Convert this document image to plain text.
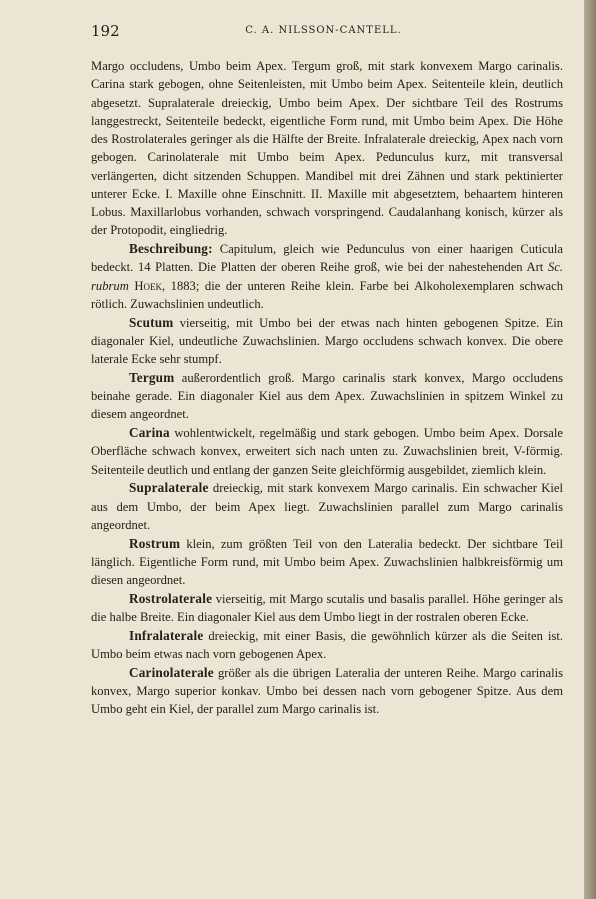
192	C. A. NILSSON-CANTELL.

Margo occludens, Umbo beim Apex. Tergum groß, mit stark konvexem Margo carinalis. Carina stark gebogen, ohne Seitenleisten, mit Umbo beim Apex. Seitenteile klein, deutlich abgesetzt. Supralaterale dreieckig, Umbo beim Apex. Der sichtbare Teil des Rostrums langgestreckt, Seitenteile bedeckt, eigentliche Form rund, mit Umbo beim Apex. Die Höhe des Rostrolaterales geringer als die Hälfte der Breite. Infralaterale dreieckig, Apex nach vorn gebogen. Carinolaterale mit Umbo beim Apex. Pedunculus kurz, mit transversal verlängerten, dicht sitzenden Schuppen. Mandibel mit drei Zähnen und stark pektinierter unterer Ecke. I. Maxille ohne Einschnitt. II. Maxille mit abgesetztem, behaartem hinteren Lobus. Maxillarlobus vorhanden, schwach vorspringend. Caudalanhang konisch, kürzer als der Protopodit, eingliedrig.

Beschreibung: Capitulum, gleich wie Pedunculus von einer haarigen Cuticula bedeckt. 14 Platten. Die Platten der oberen Reihe groß, wie bei der nahestehenden Art Sc. rubrum Hoek, 1883; die der unteren Reihe klein. Farbe bei Alkoholexemplaren schwach rötlich. Zuwachslinien undeutlich.

Scutum vierseitig, mit Umbo bei der etwas nach hinten gebogenen Spitze. Ein diagonaler Kiel, undeutliche Zuwachslinien. Margo occludens schwach konvex. Die obere laterale Ecke sehr stumpf.

Tergum außerordentlich groß. Margo carinalis stark konvex, Margo occludens beinahe gerade. Ein diagonaler Kiel aus dem Apex. Zuwachslinien in spitzem Winkel zu diesem angeordnet.

Carina wohlentwickelt, regelmäßig und stark gebogen. Umbo beim Apex. Dorsale Oberfläche schwach konvex, erweitert sich nach unten zu. Zuwachslinien breit, V-förmig. Seitenteile deutlich und entlang der ganzen Seite gleichförmig ausgebildet, ziemlich klein.

Supralaterale dreieckig, mit stark konvexem Margo carinalis. Ein schwacher Kiel aus dem Umbo, der beim Apex liegt. Zuwachslinien parallel zum Margo carinalis angeordnet.

Rostrum klein, zum größten Teil von den Lateralia bedeckt. Der sichtbare Teil länglich. Eigentliche Form rund, mit Umbo beim Apex. Zuwachslinien halbkreisförmig um diesen angeordnet.

Rostrolaterale vierseitig, mit Margo scutalis und basalis parallel. Höhe geringer als die halbe Breite. Ein diagonaler Kiel aus dem Umbo liegt in der rostralen oberen Ecke.

Infralaterale dreieckig, mit einer Basis, die gewöhnlich kürzer als die Seiten ist. Umbo beim etwas nach vorn gebogenen Apex.

Carinolaterale größer als die übrigen Lateralia der unteren Reihe. Margo carinalis konvex, Margo superior konkav. Umbo bei dessen nach vorn gebogener Spitze. Aus dem Umbo geht ein Kiel, der parallel zum Margo carinalis ist.
